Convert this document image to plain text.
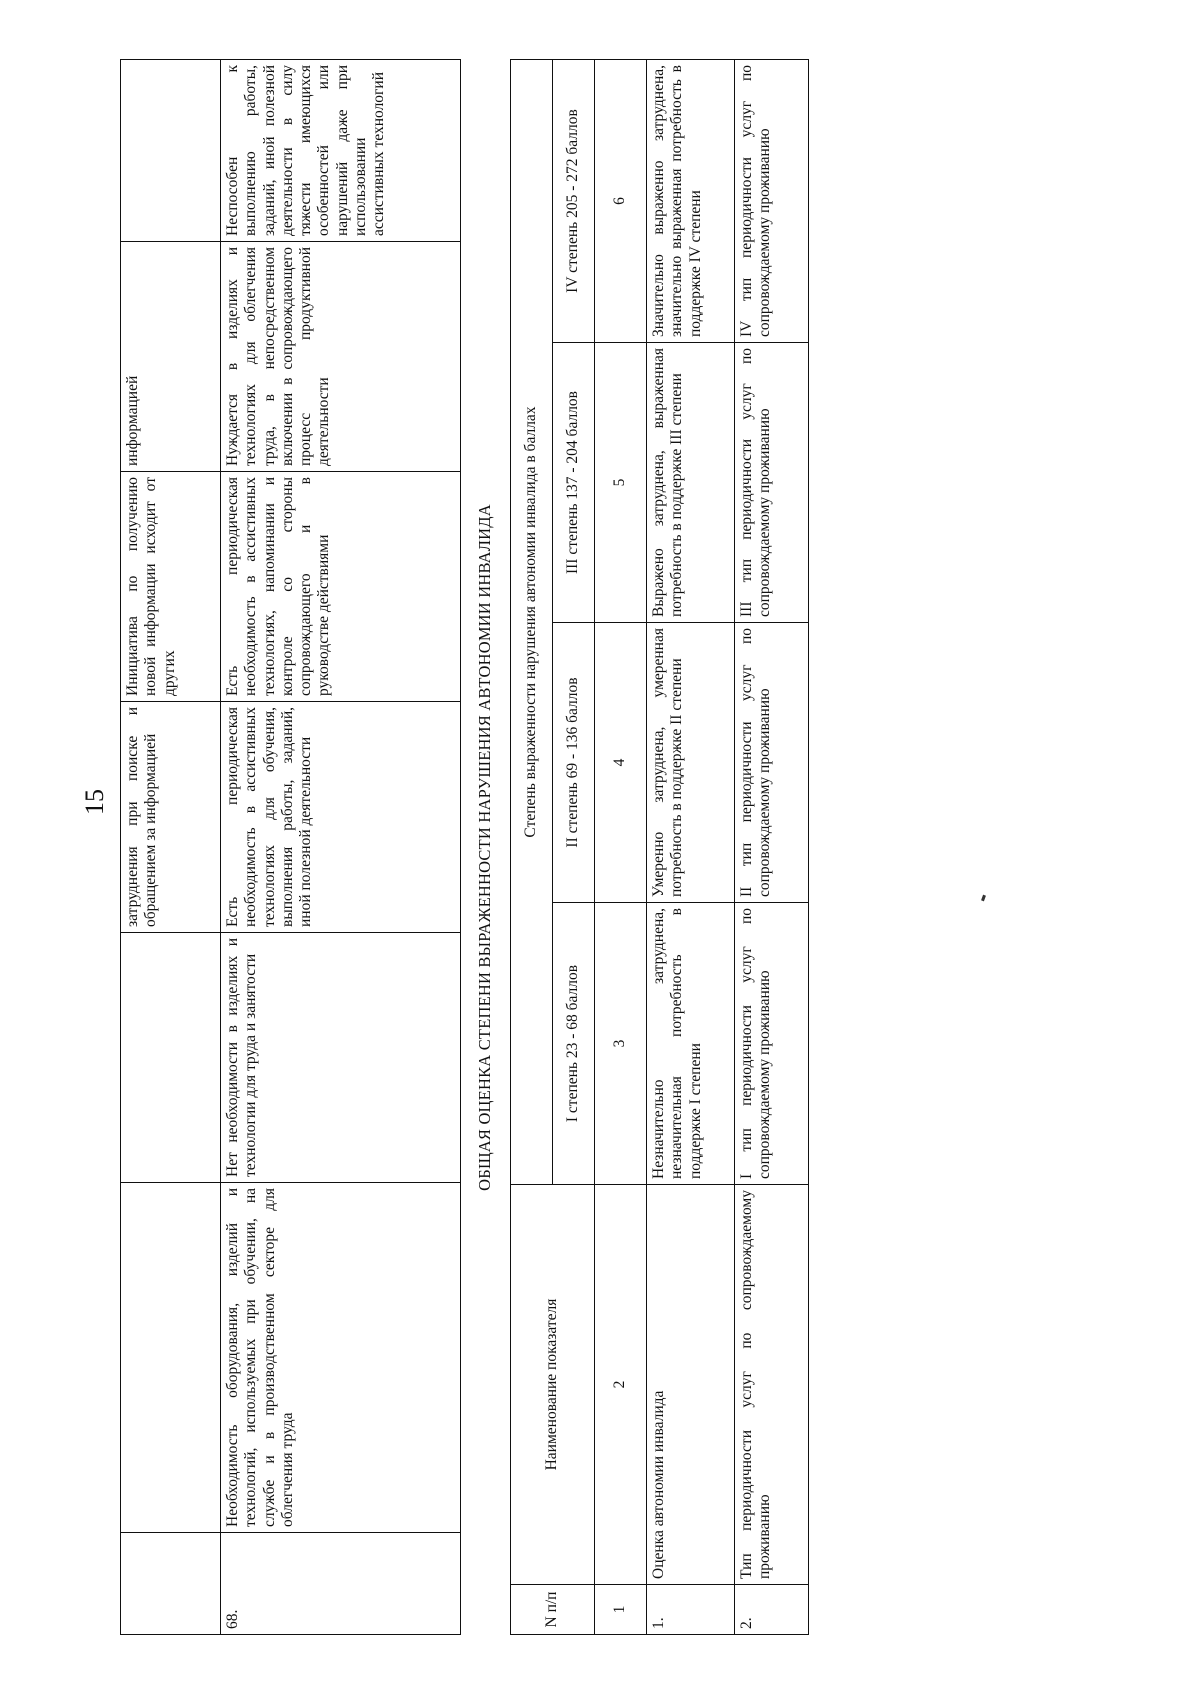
15
			затруднения при поиске и обращением за информацией	Инициатива по получению новой информации исходит от других	информацией	
68.	Необходимость оборудования, изделий и технологий, используемых при обучении, на службе и в производственном секторе для облегчения труда	Нет необходимости в изделиях и технологии для труда и занятости	Есть периодическая необходимость в ассистивных технологиях для обучения, выполнения работы, заданий, иной полезной деятельности	Есть периодическая необходимость в ассистивных технологиях, напоминании и контроле со стороны сопровождающего и в руководстве действиями	Нуждается в изделиях и технологиях для облегчения труда, в непосредственном включении в сопровождающего процесс продуктивной деятельности	Неспособен к выполнению работы, заданий, иной полезной деятельности в силу тяжести имеющихся особенностей или нарушений даже при использовании ассистивных технологий
ОБЩАЯ ОЦЕНКА СТЕПЕНИ ВЫРАЖЕННОСТИ НАРУШЕНИЯ АВТОНОМИИ ИНВАЛИДА
N п/п	Наименование показателя	Степень выраженности нарушения автономии инвалида в баллах			
		I степень 23 - 68 баллов	II степень 69 - 136 баллов	III степень 137 - 204 баллов	IV степень 205 - 272 баллов
1	2	3	4	5	6
1.	Оценка автономии инвалида	Незначительно затруднена, незначительная потребность в поддержке I степени	Умеренно затруднена, умеренная потребность в поддержке II степени	Выражено затруднена, выраженная потребность в поддержке III степени	Значительно выраженно затруднена, значительно выраженная потребность в поддержке IV степени
2.	Тип периодичности услуг по сопровождаемому проживанию	I тип периодичности услуг по сопровождаемому проживанию	II тип периодичности услуг по сопровождаемому проживанию	III тип периодичности услуг по сопровождаемому проживанию	IV тип периодичности услуг по сопровождаемому проживанию
